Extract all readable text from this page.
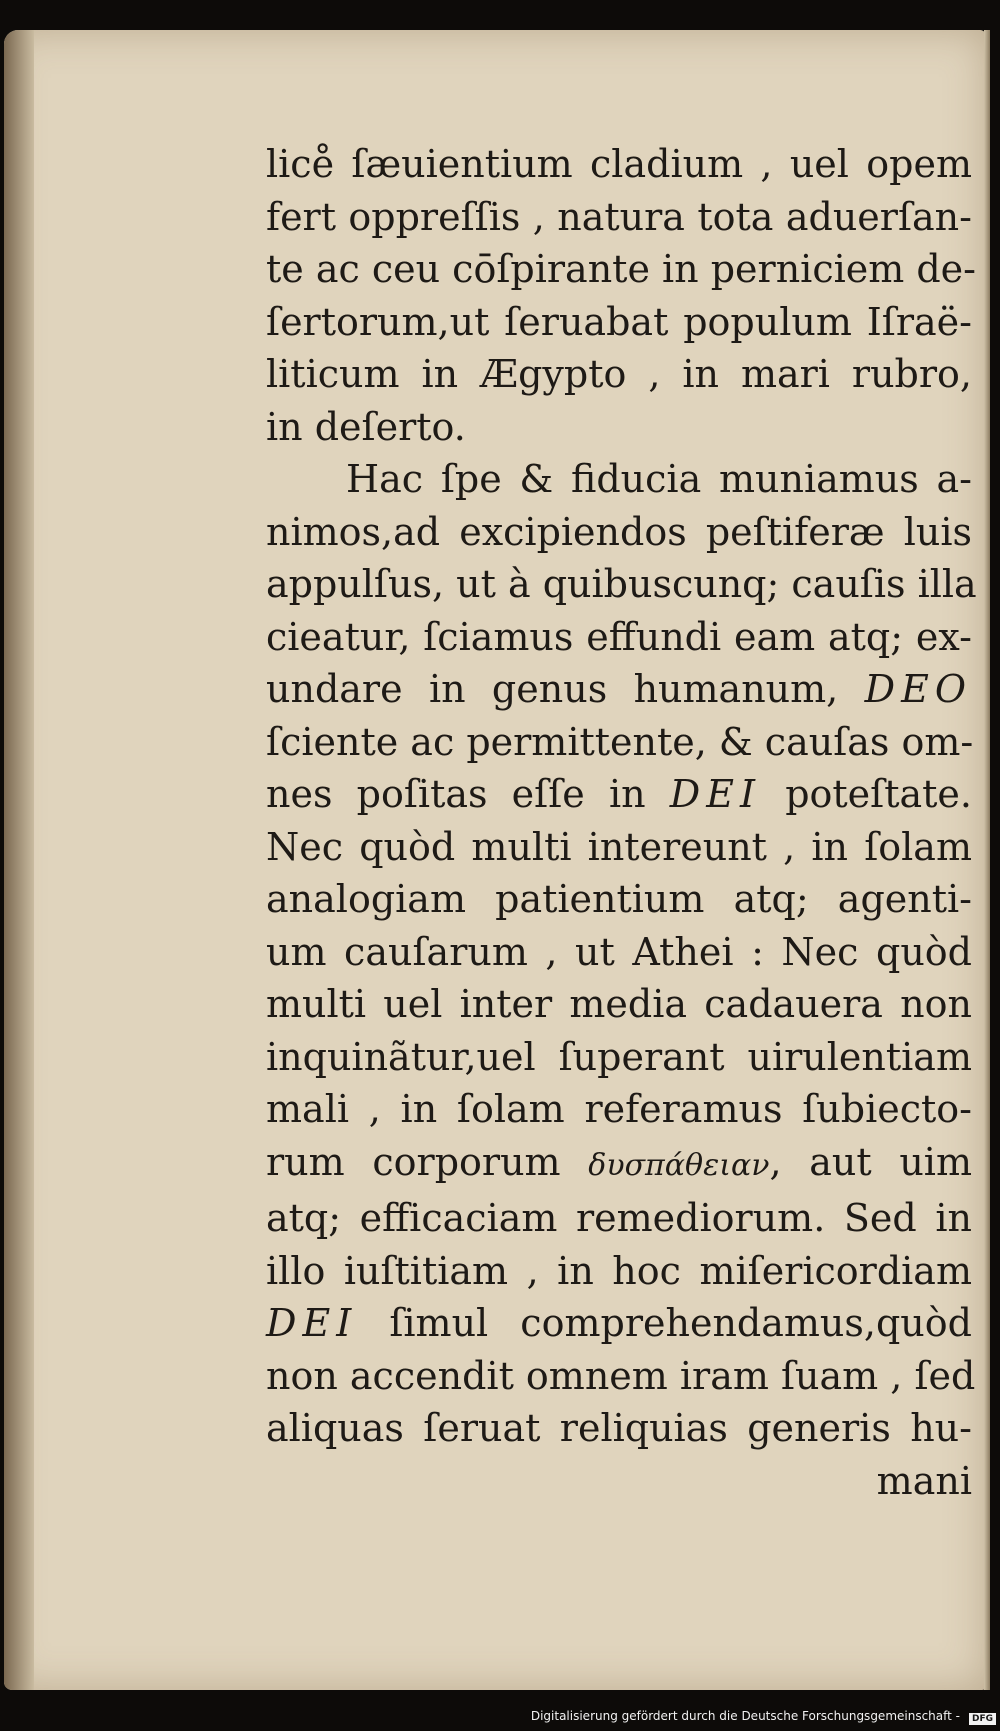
lice̊ ſæuientium cladium , uel opem
fert oppreſſis , natura tota aduerſan-
te ac ceu cōſpirante in perniciem de-
ſertorum,ut ſeruabat populum Iſraë-
liticum in Ægypto , in mari rubro,
in deſerto.
Hac ſpe & fiducia muniamus a-
nimos,ad excipiendos peſtiferæ luis
appulſus, ut à quibuscunq; cauſis illa
cieatur, ſciamus effundi eam atq; ex-
undare in genus humanum, DEO
ſciente ac permittente, & cauſas om-
nes poſitas eſſe in DEI poteſtate.
Nec quòd multi intereunt , in ſolam
analogiam patientium atq; agenti-
um cauſarum , ut Athei : Nec quòd
multi uel inter media cadauera non
inquinãtur,uel ſuperant uirulentiam
mali , in ſolam referamus ſubiecto-
rum corporum δυσπάθειαν, aut uim
atq; efficaciam remediorum. Sed in
illo iuſtitiam , in hoc miſericordiam
DEI ſimul comprehendamus,quòd
non accendit omnem iram ſuam , ſed
aliquas ſeruat reliquias generis hu-
mani
Digitalisierung gefördert durch die Deutsche Forschungsgemeinschaft -	DFG
